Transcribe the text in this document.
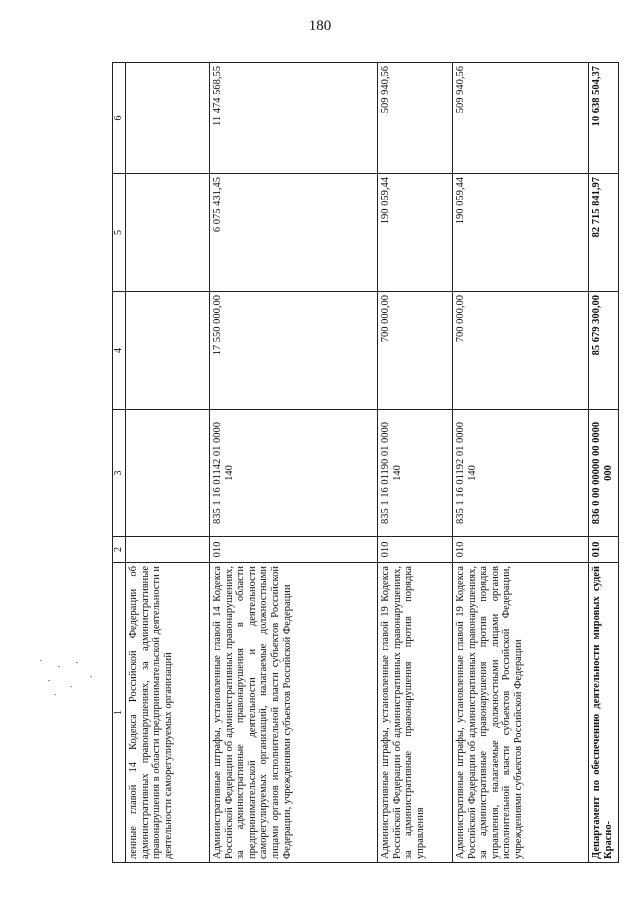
180
1	2	3	4	5	6
ленные главой 14 Кодекса Российской Федерации об административных правонарушениях, за административные правонарушения в области предпринимательской деятельности и деятельности саморегулируемых организаций					
Административные штрафы, установленные главой 14 Кодекса Российской Федерации об административных правонарушениях, за административные правонарушения в области предпринимательской деятельности и деятельности саморегулируемых организаций, налагаемые должностными лицами органов исполнительной власти субъектов Российской Федерации, учреждениями субъектов Российской Федерации	010	835 1 16 01142 01 0000 140	17 550 000,00	6 075 431,45	11 474 568,55
Административные штрафы, установленные главой 19 Кодекса Российской Федерации об административных правонарушениях, за административные правонарушения против порядка управления	010	835 1 16 01190 01 0000 140	700 000,00	190 059,44	509 940,56
Административные штрафы, установленные главой 19 Кодекса Российской Федерации об административных правонарушениях, за административные правонарушения против порядка управления, налагаемые должностными лицами органов исполнительной власти субъектов Российской Федерации, учреждениями субъектов Российской Федерации	010	835 1 16 01192 01 0000 140	700 000,00	190 059,44	509 940,56
Департамент по обеспечению деятельности мировых судей Красно-	010	836 0 00 00000 00 0000 000	85 679 300,00	82 715 841,97	10 638 504,37
